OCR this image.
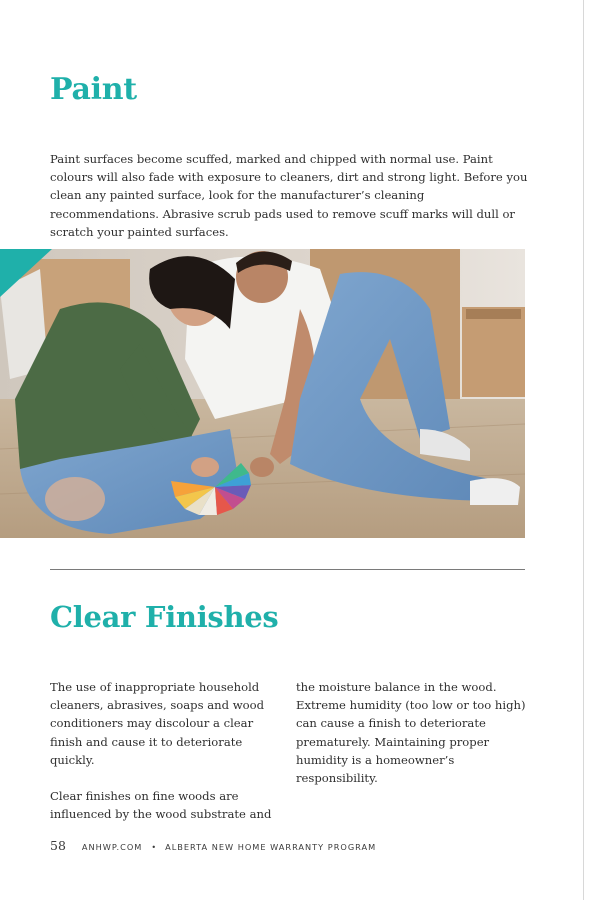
Paint

Paint surfaces become scuffed, marked and chipped with normal use. Paint colours will also fade with exposure to cleaners, dirt and strong light. Before you clean any painted surface, look for the manufacturer’s cleaning recommendations. Abrasive scrub pads used to remove scuff marks will dull or scratch your painted surfaces.

Clear Finishes

The use of inappropriate household cleaners, abrasives, soaps and wood conditioners may discolour a clear finish and cause it to deteriorate quickly.

Clear finishes on fine woods are influenced by the wood substrate and

the moisture balance in the wood. Extreme humidity (too low or too high) can cause a finish to deteriorate prematurely. Maintaining proper humidity is a homeowner’s responsibility.

58 ANHWP.COM • ALBERTA NEW HOME WARRANTY PROGRAM
